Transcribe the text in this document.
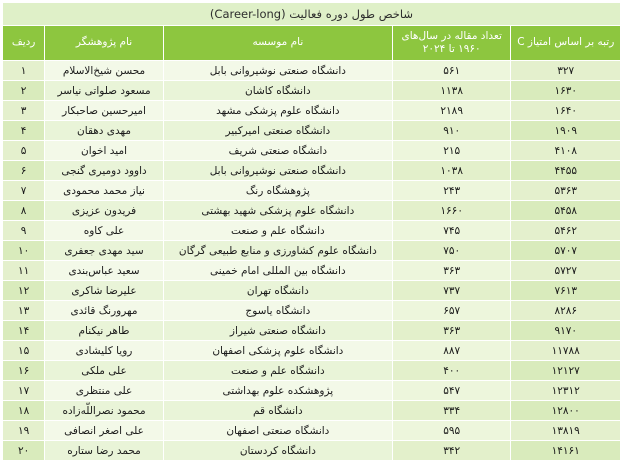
شاخص طول دوره فعالیت (Career-long)				
رتبه بر اساس امتیاز C	تعداد مقاله در سال‌های ۱۹۶۰ تا ۲۰۲۴	نام موسسه	نام پژوهشگر	ردیف
۳۲۷	۵۶۱	دانشگاه صنعتی نوشیروانی بابل	محسن شیخ‌الاسلام	۱
۱۶۳۰	۱۱۳۸	دانشگاه کاشان	مسعود صلواتی نیاسر	۲
۱۶۴۰	۲۱۸۹	دانشگاه علوم پزشکی مشهد	امیرحسین صاحبکار	۳
۱۹۰۹	۹۱۰	دانشگاه صنعتی امیرکبیر	مهدی دهقان	۴
۴۱۰۸	۲۱۵	دانشگاه صنعتی شریف	امید اخوان	۵
۴۴۵۵	۱۰۳۸	دانشگاه صنعتی نوشیروانی بابل	داوود دومیری گنجی	۶
۵۳۶۳	۲۴۳	پژوهشگاه رنگ	نیاز محمد محمودی	۷
۵۴۵۸	۱۶۶۰	دانشگاه علوم پزشکی شهید بهشتی	فریدون عزیزی	۸
۵۴۶۲	۷۴۵	دانشگاه علم و صنعت	علی کاوه	۹
۵۷۰۷	۷۵۰	دانشگاه علوم کشاورزی و منابع طبیعی گرگان	سید مهدی جعفری	۱۰
۵۷۲۷	۳۶۳	دانشگاه بین المللی امام خمینی	سعید عباس‌بندی	۱۱
۷۶۱۳	۷۳۷	دانشگاه تهران	علیرضا شاکری	۱۲
۸۲۸۶	۶۵۷	دانشگاه یاسوج	مهرورنگ قائدی	۱۳
۹۱۷۰	۳۶۳	دانشگاه صنعتی شیراز	طاهر نیکنام	۱۴
۱۱۷۸۸	۸۸۷	دانشگاه علوم پزشکی اصفهان	رویا کلیشادی	۱۵
۱۲۱۲۷	۴۰۰	دانشگاه علم و صنعت	علی ملکی	۱۶
۱۲۳۱۲	۵۴۷	پژوهشکده علوم بهداشتی	علی منتظری	۱۷
۱۲۸۰۰	۳۳۴	دانشگاه قم	محمود نصراللّه‌زاده	۱۸
۱۳۸۱۹	۵۹۵	دانشگاه صنعتی اصفهان	علی اصغر انصافی	۱۹
۱۴۱۶۱	۳۴۲	دانشگاه کردستان	محمد رضا ستاره	۲۰
